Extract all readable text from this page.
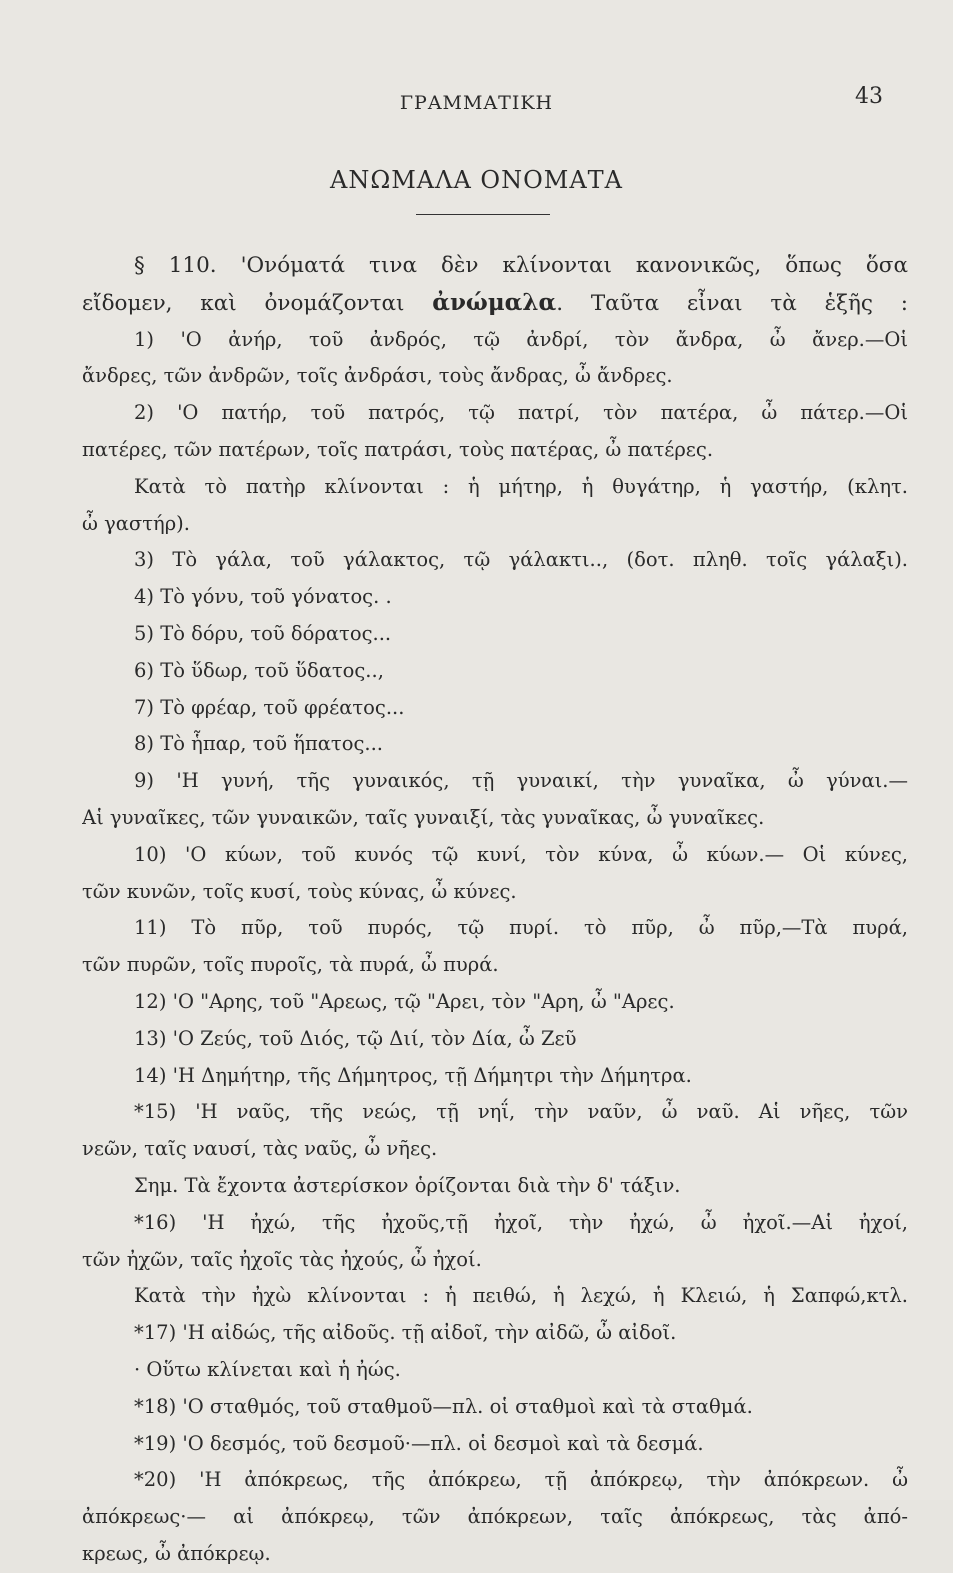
ΓΡΑΜΜΑΤΙΚΗ	43
ΑΝΩΜΑΛΑ ΟΝΟΜΑΤΑ
§ 110. 'Ονόματά τινα δὲν κλίνονται κανονικῶς, ὅπως ὅσα
εἴδομεν, καὶ ὀνομάζονται ἀνώμαλα. Ταῦτα εἶναι τὰ ἑξῆς :
1) 'Ο ἀνήρ, τοῦ ἀνδρός, τῷ ἀνδρί, τὸν ἄνδρα, ὦ ἄνερ.—Οἱ
ἄνδρες, τῶν ἀνδρῶν, τοῖς ἀνδράσι, τοὺς ἄνδρας, ὦ ἄνδρες.
2) 'Ο πατήρ, τοῦ πατρός, τῷ πατρί, τὸν πατέρα, ὦ πάτερ.—Οἱ
πατέρες, τῶν πατέρων, τοῖς πατράσι, τοὺς πατέρας, ὦ πατέρες.
Κατὰ τὸ πατὴρ κλίνονται : ἡ μήτηρ, ἡ θυγάτηρ, ἡ γαστήρ, (κλητ.
ὦ γαστήρ).
3) Τὸ γάλα, τοῦ γάλακτος, τῷ γάλακτι.., (δοτ. πληθ. τοῖς γάλαξι).
4) Τὸ γόνυ, τοῦ γόνατος. .
5) Τὸ δόρυ, τοῦ δόρατος...
6) Τὸ ὕδωρ, τοῦ ὕδατος..,
7) Τὸ φρέαρ, τοῦ φρέατος...
8) Τὸ ἧπαρ, τοῦ ἥπατος...
9) 'Η γυνή, τῆς γυναικός, τῇ γυναικί, τὴν γυναῖκα, ὦ γύναι.—
Αἱ γυναῖκες, τῶν γυναικῶν, ταῖς γυναιξί, τὰς γυναῖκας, ὦ γυναῖκες.
10) 'Ο κύων, τοῦ κυνός τῷ κυνί, τὸν κύνα, ὦ κύων.— Οἱ κύνες,
τῶν κυνῶν, τοῖς κυσί, τοὺς κύνας, ὦ κύνες.
11) Τὸ πῦρ, τοῦ πυρός, τῷ πυρί. τὸ πῦρ, ὦ πῦρ,—Τὰ πυρά,
τῶν πυρῶν, τοῖς πυροῖς, τὰ πυρά, ὦ πυρά.
12) 'Ο "Αρης, τοῦ "Αρεως, τῷ "Αρει, τὸν "Αρη, ὦ "Αρες.
13) 'Ο Ζεύς, τοῦ Διός, τῷ Διί, τὸν Δία, ὦ Ζεῦ
14) 'Η Δημήτηρ, τῆς Δήμητρος, τῇ Δήμητρι τὴν Δήμητρα.
*15) 'Η ναῦς, τῆς νεώς, τῇ νηΐ, τὴν ναῦν, ὦ ναῦ. Αἱ νῆες, τῶν
νεῶν, ταῖς ναυσί, τὰς ναῦς, ὦ νῆες.
Σημ. Τὰ ἔχοντα ἀστερίσκον ὁρίζονται διὰ τὴν δ' τάξιν.
*16) 'Η ἠχώ, τῆς ἠχοῦς,τῇ ἠχοῖ, τὴν ἠχώ, ὦ ἠχοῖ.—Αἱ ἠχοί,
τῶν ἠχῶν, ταῖς ἠχοῖς τὰς ἠχούς, ὦ ἠχοί.
Κατὰ τὴν ἠχὼ κλίνονται : ἡ πειθώ, ἡ λεχώ, ἡ Κλειώ, ἡ Σαπφώ,κτλ.
*17) 'Η αἰδώς, τῆς αἰδοῦς. τῇ αἰδοῖ, τὴν αἰδῶ, ὦ αἰδοῖ.
· Οὕτω κλίνεται καὶ ἡ ἠώς.
*18) 'Ο σταθμός, τοῦ σταθμοῦ—πλ. οἱ σταθμοὶ καὶ τὰ σταθμά.
*19) 'Ο δεσμός, τοῦ δεσμοῦ·—πλ. οἱ δεσμοὶ καὶ τὰ δεσμά.
*20) 'Η ἀπόκρεως, τῆς ἀπόκρεω, τῇ ἀπόκρεῳ, τὴν ἀπόκρεων. ὦ
ἀπόκρεως·— αἱ ἀπόκρεῳ, τῶν ἀπόκρεων, ταῖς ἀπόκρεως, τὰς ἀπό-
κρεως, ὦ ἀπόκρεῳ.
